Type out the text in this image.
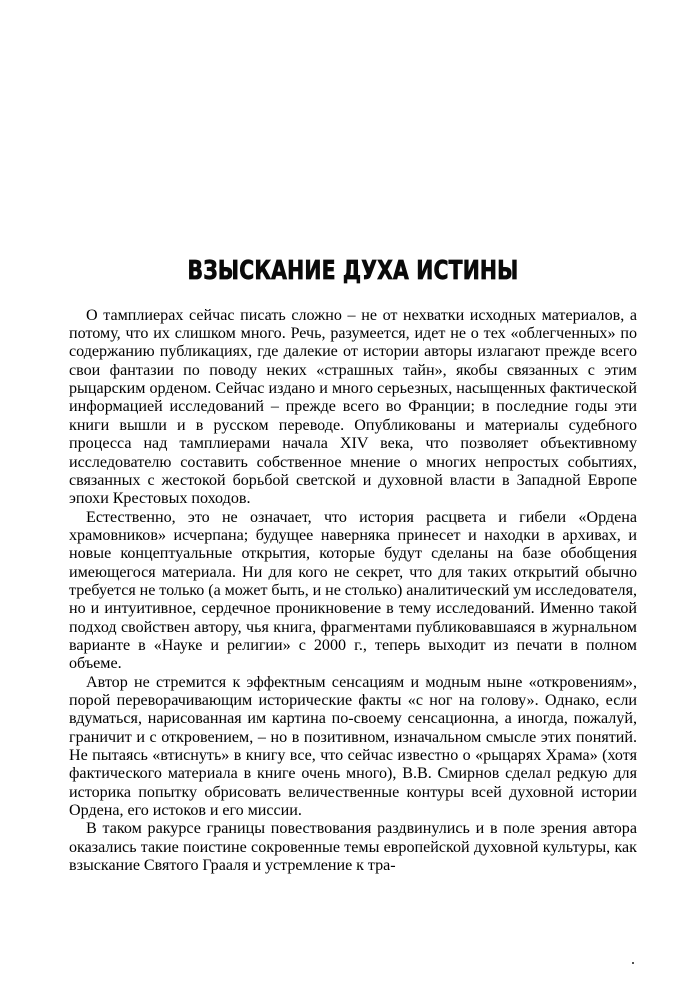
ВЗЫСКАНИЕ ДУХА ИСТИНЫ

О тамплиерах сейчас писать сложно – не от нехватки исходных материалов, а потому, что их слишком много. Речь, разумеется, идет не о тех «облегченных» по содержанию публикациях, где далекие от истории авторы излагают прежде всего свои фантазии по поводу неких «страшных тайн», якобы связанных с этим рыцарским орденом. Сейчас издано и много серьезных, насыщенных фактической информацией исследований – прежде всего во Франции; в последние годы эти книги вышли и в русском переводе. Опубликованы и материалы судебного процесса над тамплиерами начала XIV века, что позволяет объективному исследователю составить собственное мнение о многих непростых событиях, связанных с жестокой борьбой светской и духовной власти в Западной Европе эпохи Крестовых походов.

Естественно, это не означает, что история расцвета и гибели «Ордена храмовников» исчерпана; будущее наверняка принесет и находки в архивах, и новые концептуальные открытия, которые будут сделаны на базе обобщения имеющегося материала. Ни для кого не секрет, что для таких открытий обычно требуется не только (а может быть, и не столько) аналитический ум исследователя, но и интуитивное, сердечное проникновение в тему исследований. Именно такой подход свойствен автору, чья книга, фрагментами публиковавшаяся в журнальном варианте в «Науке и религии» с 2000 г., теперь выходит из печати в полном объеме.

Автор не стремится к эффектным сенсациям и модным ныне «откровениям», порой переворачивающим исторические факты «с ног на голову». Однако, если вдуматься, нарисованная им картина по-своему сенсационна, а иногда, пожалуй, граничит и с откровением, – но в позитивном, изначальном смысле этих понятий. Не пытаясь «втиснуть» в книгу все, что сейчас известно о «рыцарях Храма» (хотя фактического материала в книге очень много), В.В. Смирнов сделал редкую для историка попытку обрисовать величественные контуры всей духовной истории Ордена, его истоков и его миссии.

В таком ракурсе границы повествования раздвинулись и в поле зрения автора оказались такие поистине сокровенные темы европейской духовной культуры, как взыскание Святого Грааля и устремление к тра-
